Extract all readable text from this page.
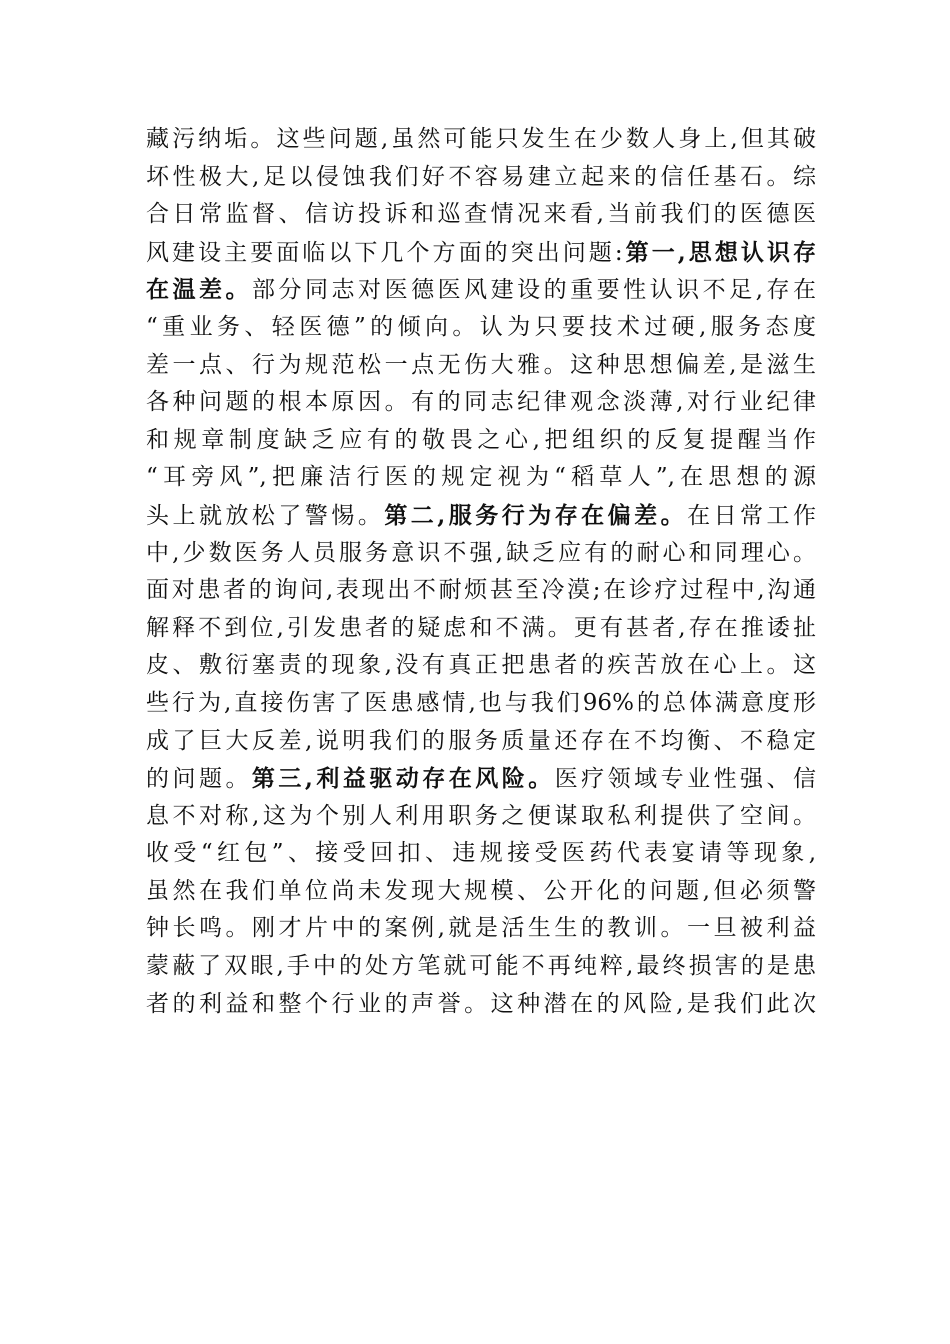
藏污纳垢。这些问题,虽然可能只发生在少数人身上,但其破
坏性极大,足以侵蚀我们好不容易建立起来的信任基石。综
合日常监督、信访投诉和巡查情况来看,当前我们的医德医
风建设主要面临以下几个方面的突出问题:第一,思想认识存
在温差。部分同志对医德医风建设的重要性认识不足,存在
“重业务、轻医德”的倾向。认为只要技术过硬,服务态度
差一点、行为规范松一点无伤大雅。这种思想偏差,是滋生
各种问题的根本原因。有的同志纪律观念淡薄,对行业纪律
和规章制度缺乏应有的敬畏之心,把组织的反复提醒当作
“耳旁风”,把廉洁行医的规定视为“稻草人”,在思想的源
头上就放松了警惕。第二,服务行为存在偏差。在日常工作
中,少数医务人员服务意识不强,缺乏应有的耐心和同理心。
面对患者的询问,表现出不耐烦甚至冷漠;在诊疗过程中,沟通
解释不到位,引发患者的疑虑和不满。更有甚者,存在推诿扯
皮、敷衍塞责的现象,没有真正把患者的疾苦放在心上。这
些行为,直接伤害了医患感情,也与我们96%的总体满意度形
成了巨大反差,说明我们的服务质量还存在不均衡、不稳定
的问题。第三,利益驱动存在风险。医疗领域专业性强、信
息不对称,这为个别人利用职务之便谋取私利提供了空间。
收受“红包”、接受回扣、违规接受医药代表宴请等现象,
虽然在我们单位尚未发现大规模、公开化的问题,但必须警
钟长鸣。刚才片中的案例,就是活生生的教训。一旦被利益
蒙蔽了双眼,手中的处方笔就可能不再纯粹,最终损害的是患
者的利益和整个行业的声誉。这种潜在的风险,是我们此次
